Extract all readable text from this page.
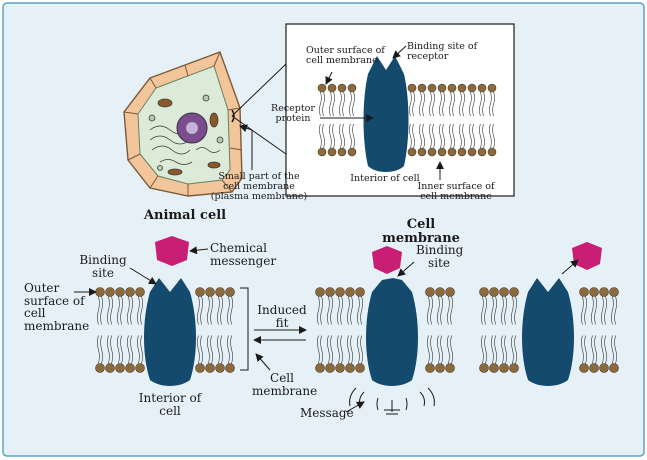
Animal cell
Cell membrane
Outer surface of cell membrane
Binding site of receptor
Receptor protein
Interior of cell
Inner surface of cell membrane
Small part of the cell membrane (plasma membrane)
Chemical messenger
Binding site
Outer surface of cell membrane
Interior of cell
Induced fit
Cell membrane
Binding site
Message
